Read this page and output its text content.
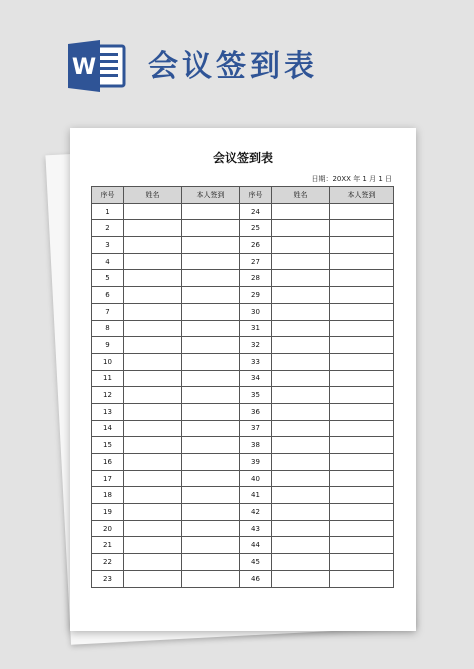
W 会议签到表
会议签到表
日期：20XX 年 1 月 1 日
序号	姓名	本人签到	序号	姓名	本人签到
1			24		
2			25		
3			26		
4			27		
5			28		
6			29		
7			30		
8			31		
9			32		
10			33		
11			34		
12			35		
13			36		
14			37		
15			38		
16			39		
17			40		
18			41		
19			42		
20			43		
21			44		
22			45		
23			46		
